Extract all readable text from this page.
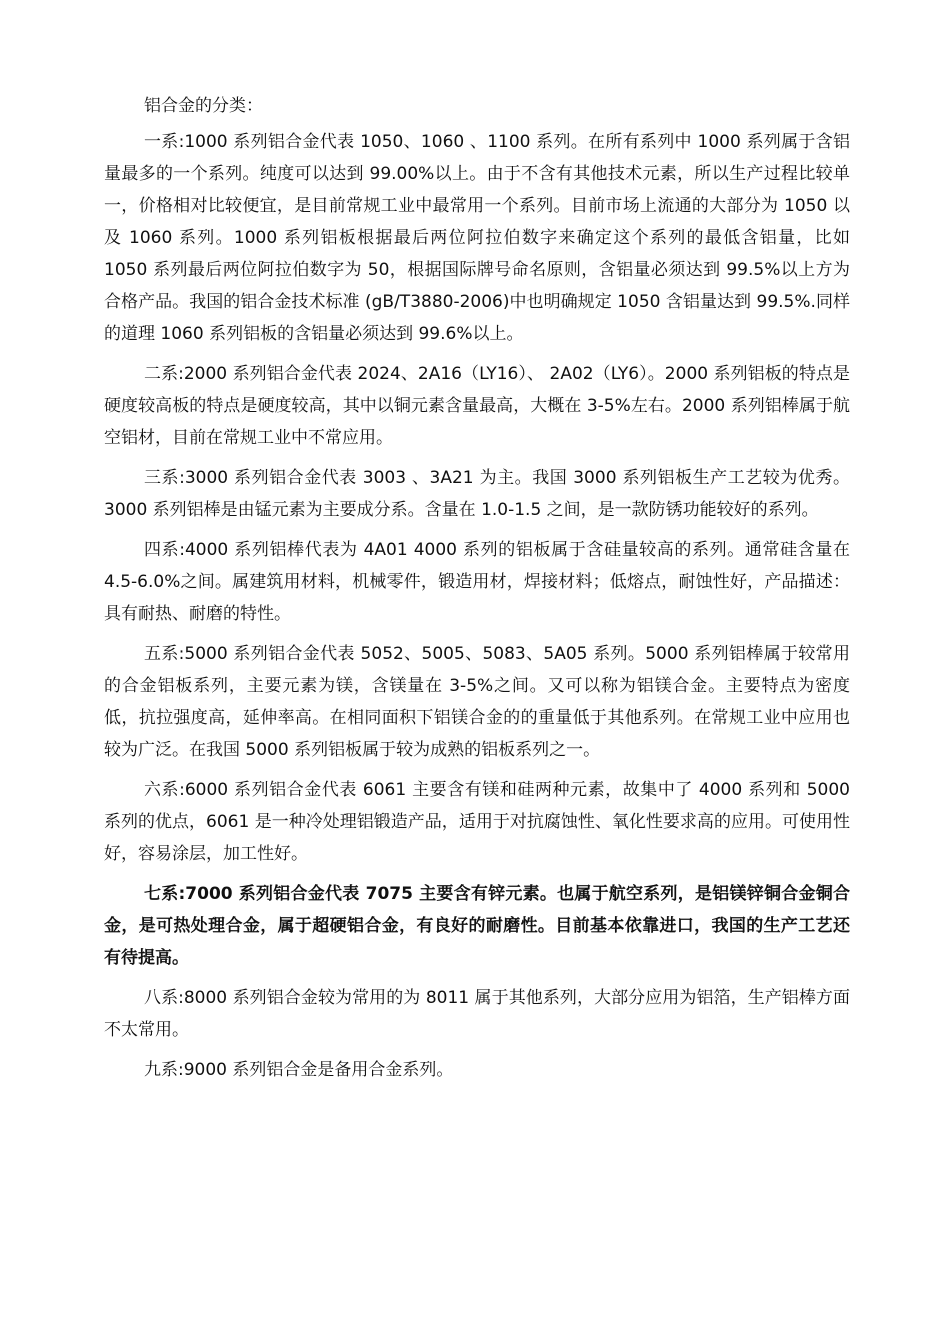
铝合金的分类：

一系:1000 系列铝合金代表 1050、1060 、1100 系列。在所有系列中 1000 系列属于含铝量最多的一个系列。纯度可以达到 99.00%以上。由于不含有其他技术元素，所以生产过程比较单一，价格相对比较便宜，是目前常规工业中最常用一个系列。目前市场上流通的大部分为 1050 以及 1060 系列。1000 系列铝板根据最后两位阿拉伯数字来确定这个系列的最低含铝量，比如 1050 系列最后两位阿拉伯数字为 50，根据国际牌号命名原则，含铝量必须达到 99.5%以上方为合格产品。我国的铝合金技术标准 (gB/T3880-2006)中也明确规定 1050 含铝量达到 99.5%.同样的道理 1060 系列铝板的含铝量必须达到 99.6%以上。

二系:2000 系列铝合金代表 2024、2A16（LY16）、 2A02（LY6）。2000 系列铝板的特点是硬度较高板的特点是硬度较高，其中以铜元素含量最高，大概在 3-5%左右。2000 系列铝棒属于航空铝材，目前在常规工业中不常应用。

三系:3000 系列铝合金代表 3003 、3A21 为主。我国 3000 系列铝板生产工艺较为优秀。3000 系列铝棒是由锰元素为主要成分系。含量在 1.0-1.5 之间，是一款防锈功能较好的系列。

四系:4000 系列铝棒代表为 4A01 4000 系列的铝板属于含硅量较高的系列。通常硅含量在 4.5-6.0%之间。属建筑用材料，机械零件，锻造用材，焊接材料；低熔点，耐蚀性好，产品描述：具有耐热、耐磨的特性。

五系:5000 系列铝合金代表 5052、5005、5083、5A05 系列。5000 系列铝棒属于较常用的合金铝板系列，主要元素为镁，含镁量在 3-5%之间。又可以称为铝镁合金。主要特点为密度低，抗拉强度高，延伸率高。在相同面积下铝镁合金的的重量低于其他系列。在常规工业中应用也较为广泛。在我国 5000 系列铝板属于较为成熟的铝板系列之一。

六系:6000 系列铝合金代表 6061 主要含有镁和硅两种元素，故集中了 4000 系列和 5000 系列的优点，6061 是一种冷处理铝锻造产品，适用于对抗腐蚀性、氧化性要求高的应用。可使用性好，容易涂层，加工性好。

七系:7000 系列铝合金代表 7075 主要含有锌元素。也属于航空系列，是铝镁锌铜合金铜合金，是可热处理合金，属于超硬铝合金，有良好的耐磨性。目前基本依靠进口，我国的生产工艺还有待提高。

八系:8000 系列铝合金较为常用的为 8011 属于其他系列，大部分应用为铝箔，生产铝棒方面不太常用。

九系:9000 系列铝合金是备用合金系列。
